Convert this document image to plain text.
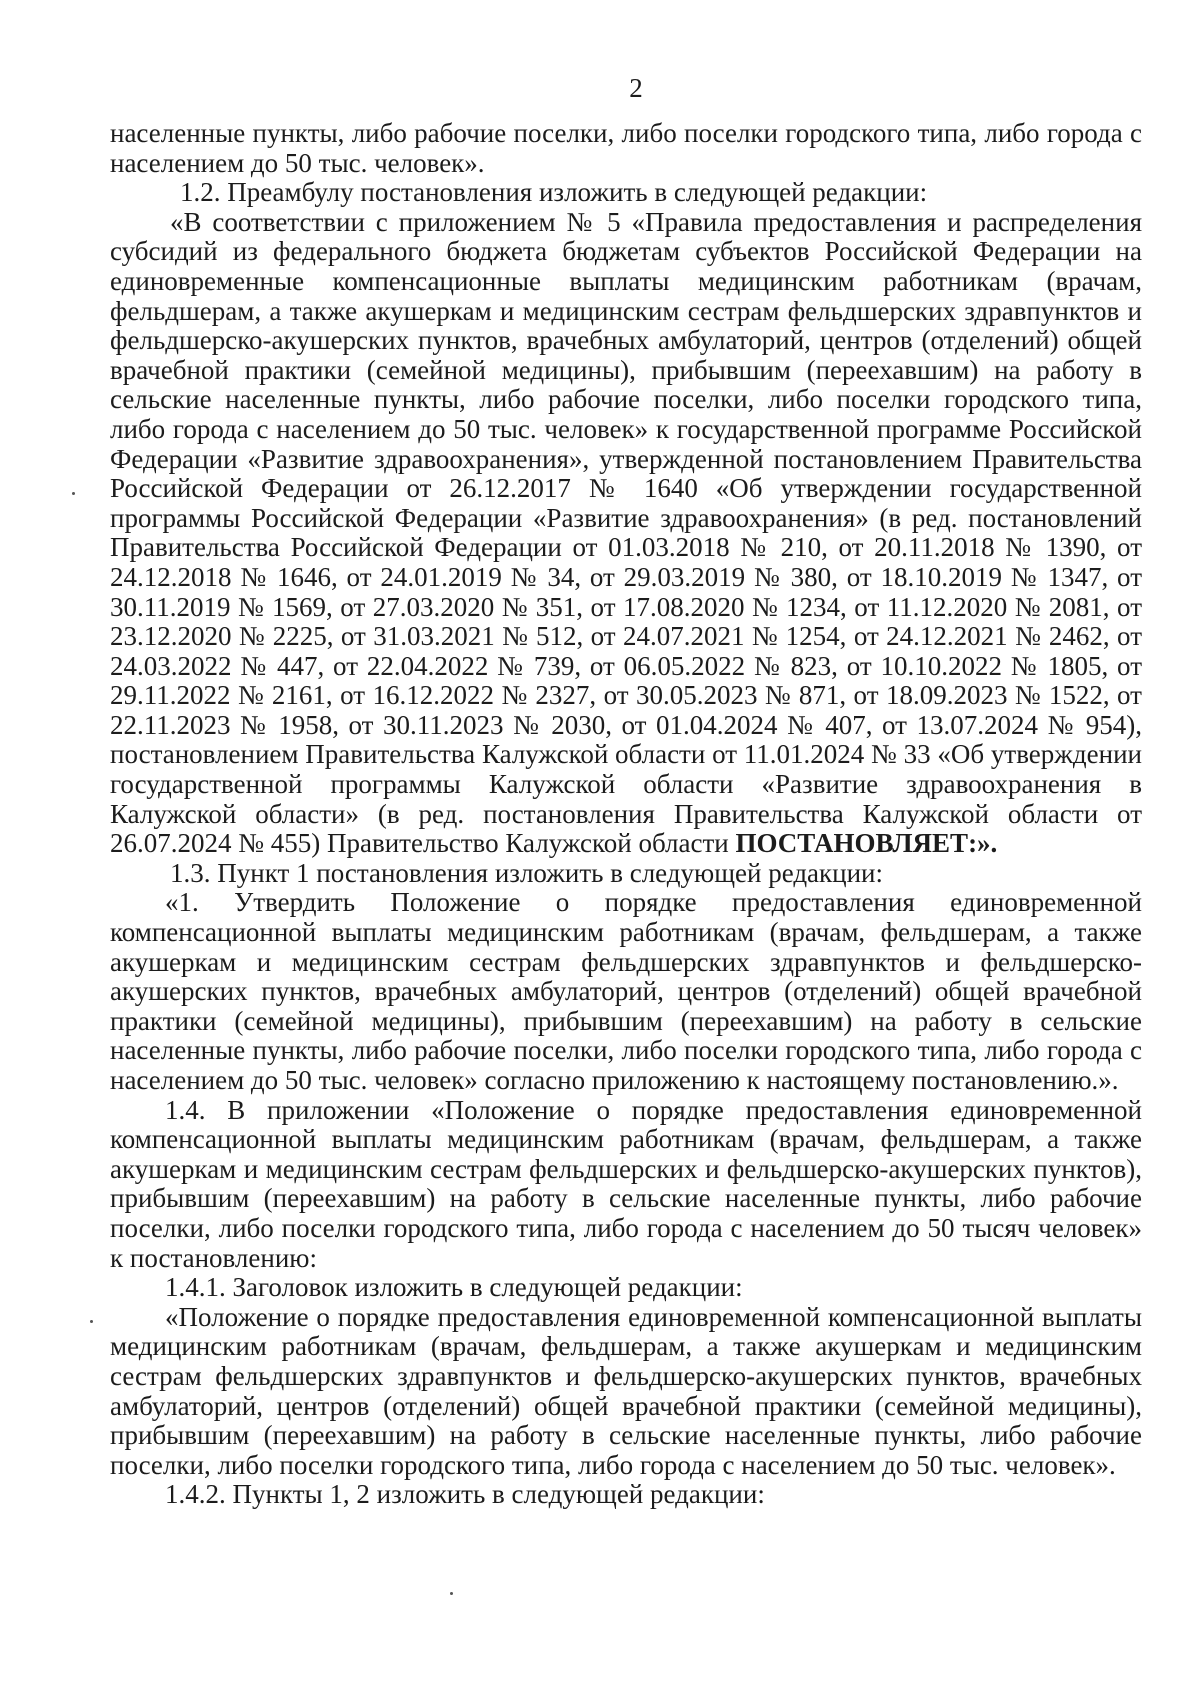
2

населенные пункты, либо рабочие поселки, либо поселки городского типа, либо города с населением до 50 тыс. человек».

1.2. Преамбулу постановления изложить в следующей редакции:

«В соответствии с приложением № 5 «Правила предоставления и распределения субсидий из федерального бюджета бюджетам субъектов Российской Федерации на единовременные компенсационные выплаты медицинским работникам (врачам, фельдшерам, а также акушеркам и медицинским сестрам фельдшерских здравпунктов и фельдшерско-акушерских пунктов, врачебных амбулаторий, центров (отделений) общей врачебной практики (семейной медицины), прибывшим (переехавшим) на работу в сельские населенные пункты, либо рабочие поселки, либо поселки городского типа, либо города с населением до 50 тыс. человек» к государственной программе Российской Федерации «Развитие здравоохранения», утвержденной постановлением Правительства Российской Федерации от 26.12.2017 № 1640 «Об утверждении государственной программы Российской Федерации «Развитие здравоохранения» (в ред. постановлений Правительства Российской Федерации от 01.03.2018 № 210, от 20.11.2018 № 1390, от 24.12.2018 № 1646, от 24.01.2019 № 34, от 29.03.2019 № 380, от 18.10.2019 № 1347, от 30.11.2019 № 1569, от 27.03.2020 № 351, от 17.08.2020 № 1234, от 11.12.2020 № 2081, от 23.12.2020 № 2225, от 31.03.2021 № 512, от 24.07.2021 № 1254, от 24.12.2021 № 2462, от 24.03.2022 № 447, от 22.04.2022 № 739, от 06.05.2022 № 823, от 10.10.2022 № 1805, от 29.11.2022 № 2161, от 16.12.2022 № 2327, от 30.05.2023 № 871, от 18.09.2023 № 1522, от 22.11.2023 № 1958, от 30.11.2023 № 2030, от 01.04.2024 № 407, от 13.07.2024 № 954), постановлением Правительства Калужской области от 11.01.2024 № 33 «Об утверждении государственной программы Калужской области «Развитие здравоохранения в Калужской области» (в ред. постановления Правительства Калужской области от 26.07.2024 № 455) Правительство Калужской области ПОСТАНОВЛЯЕТ:».

1.3. Пункт 1 постановления изложить в следующей редакции:

«1. Утвердить Положение о порядке предоставления единовременной компенсационной выплаты медицинским работникам (врачам, фельдшерам, а также акушеркам и медицинским сестрам фельдшерских здравпунктов и фельдшерско-акушерских пунктов, врачебных амбулаторий, центров (отделений) общей врачебной практики (семейной медицины), прибывшим (переехавшим) на работу в сельские населенные пункты, либо рабочие поселки, либо поселки городского типа, либо города с населением до 50 тыс. человек» согласно приложению к настоящему постановлению.».

1.4. В приложении «Положение о порядке предоставления единовременной компенсационной выплаты медицинским работникам (врачам, фельдшерам, а также акушеркам и медицинским сестрам фельдшерских и фельдшерско-акушерских пунктов), прибывшим (переехавшим) на работу в сельские населенные пункты, либо рабочие поселки, либо поселки городского типа, либо города с населением до 50 тысяч человек» к постановлению:

1.4.1. Заголовок изложить в следующей редакции:

«Положение о порядке предоставления единовременной компенсационной выплаты медицинским работникам (врачам, фельдшерам, а также акушеркам и медицинским сестрам фельдшерских здравпунктов и фельдшерско-акушерских пунктов, врачебных амбулаторий, центров (отделений) общей врачебной практики (семейной медицины), прибывшим (переехавшим) на работу в сельские населенные пункты, либо рабочие поселки, либо поселки городского типа, либо города с населением до 50 тыс. человек».

1.4.2. Пункты 1, 2 изложить в следующей редакции:
